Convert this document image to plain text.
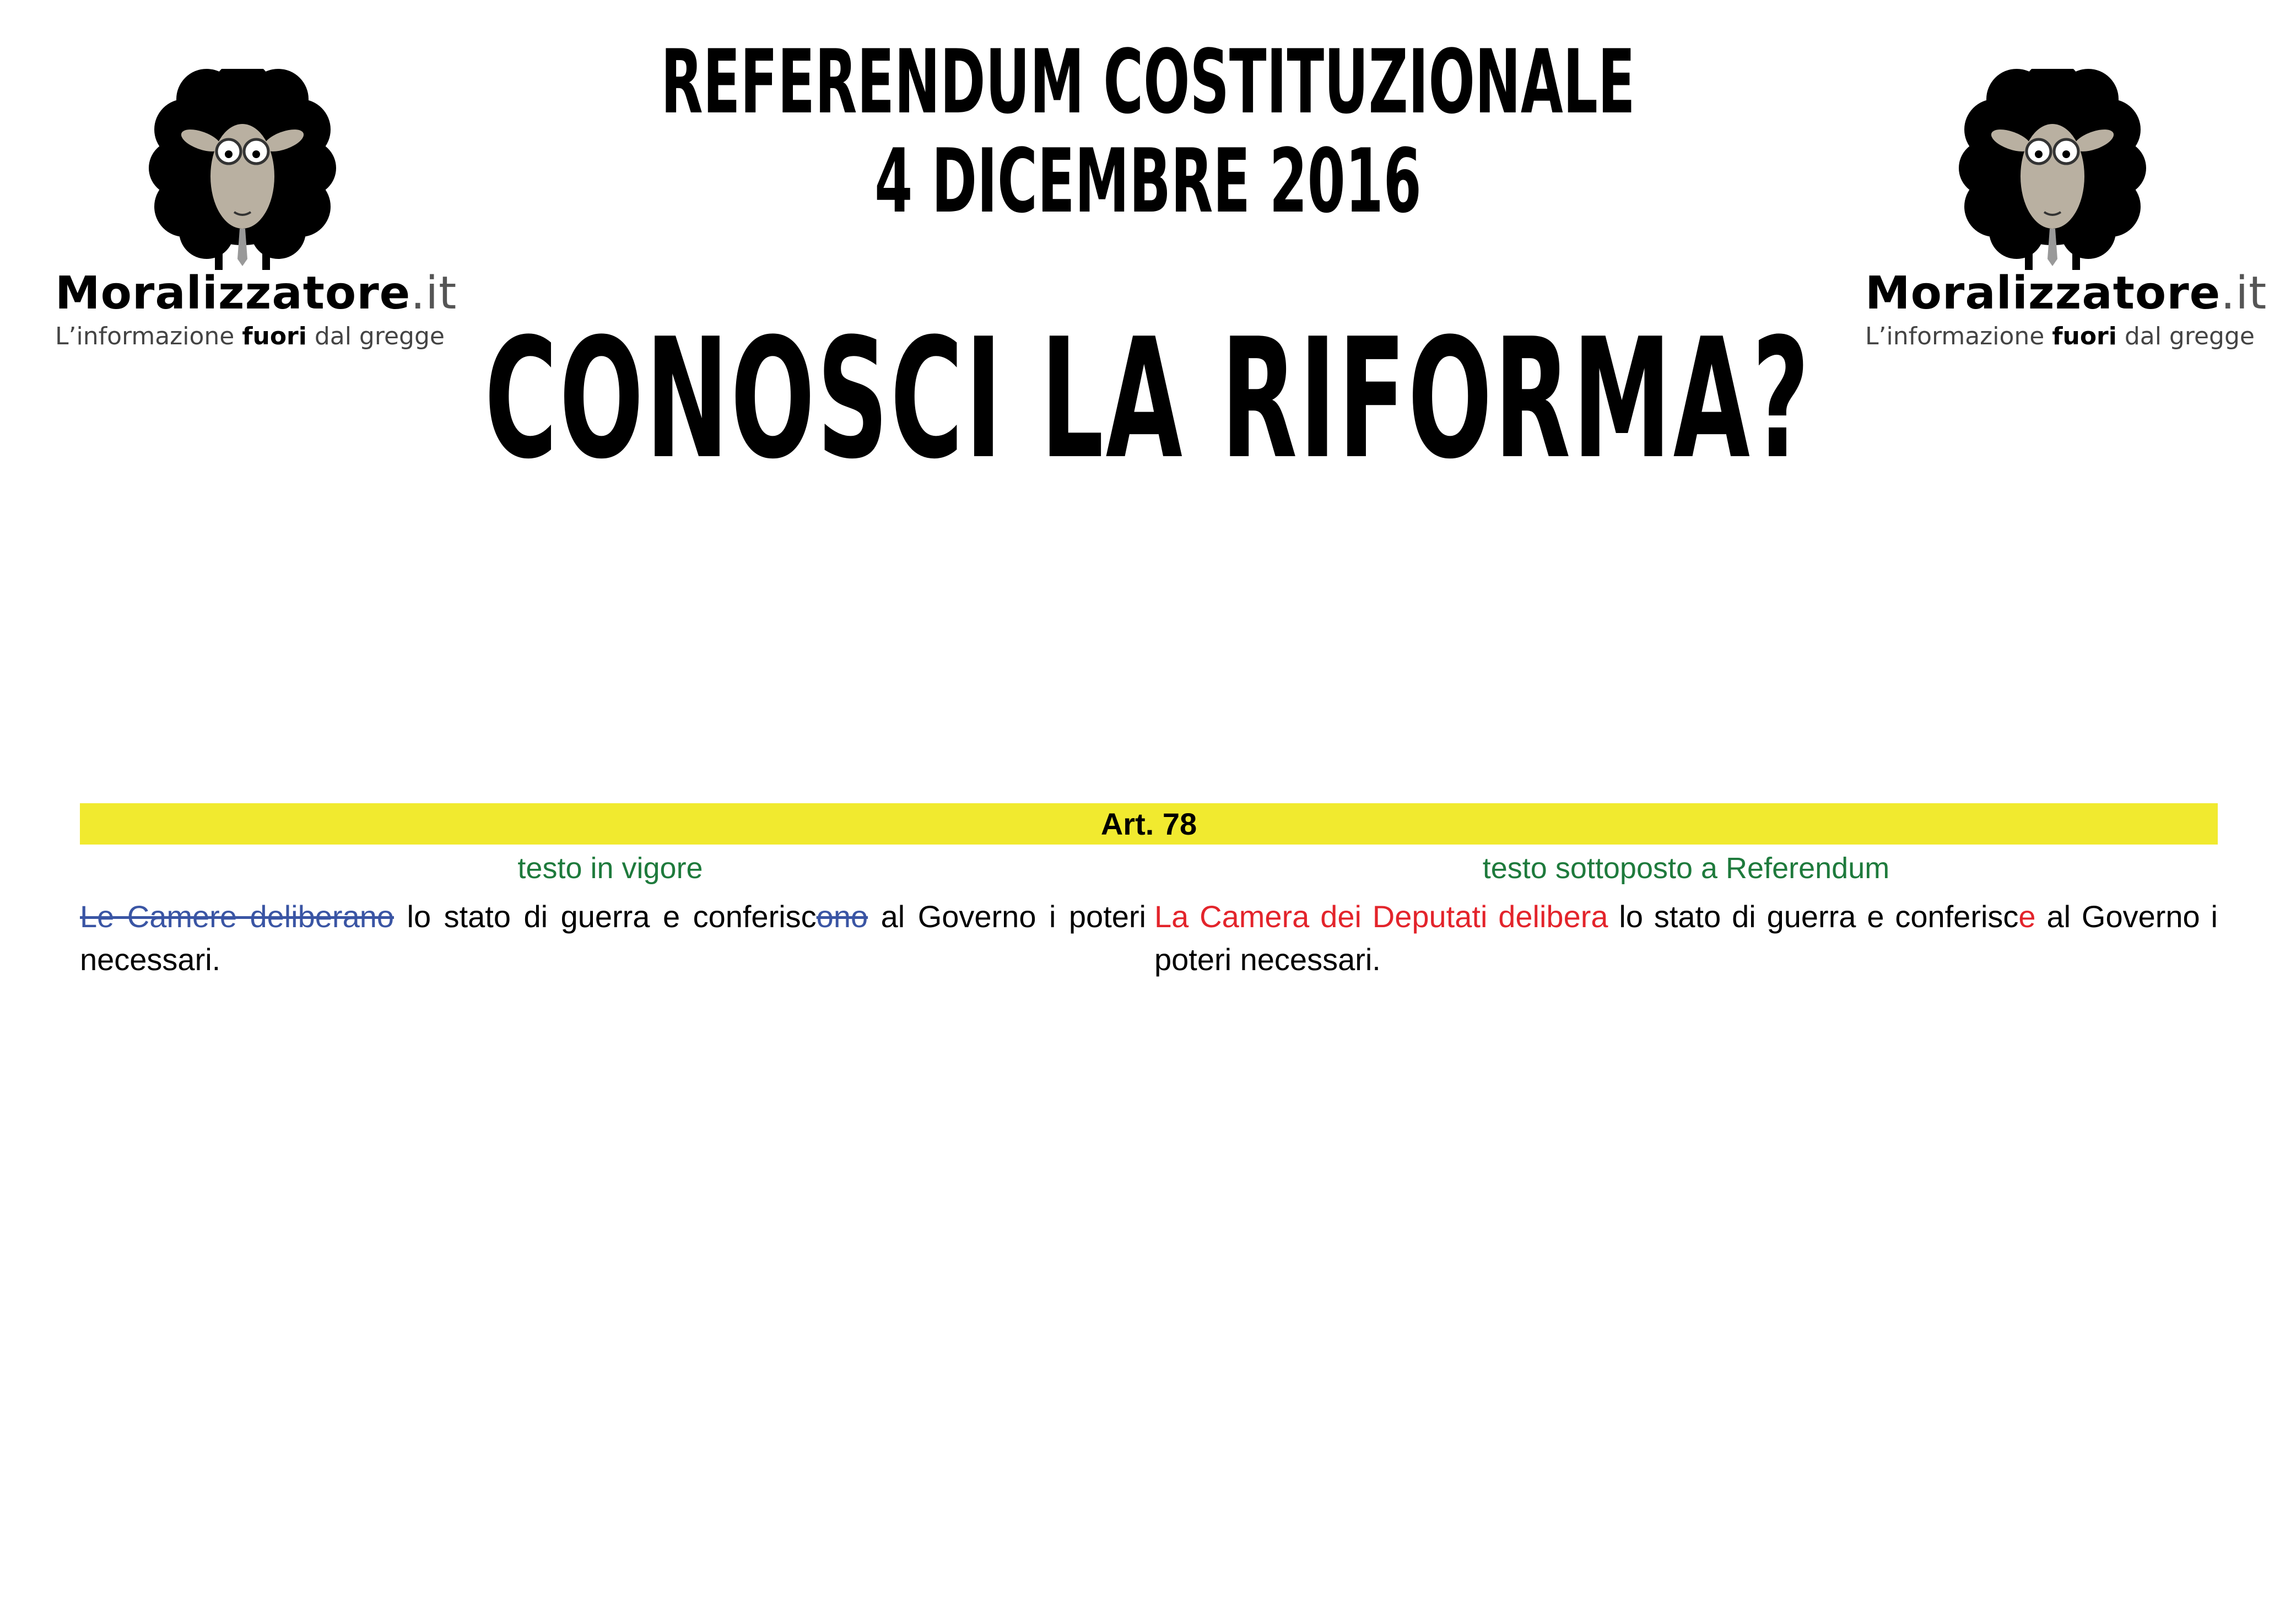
Moralizzatore.it
L’informazione fuori dal gregge
Moralizzatore.it
L’informazione fuori dal gregge
REFERENDUM COSTITUZIONALE
4 DICEMBRE 2016
CONOSCI LA RIFORMA?
Art. 78
testo in vigore	testo sottoposto a Referendum
Le Camere deliberano lo stato di guerra e conferiscono al Governo i poteri necessari.
La Camera dei Deputati delibera lo stato di guerra e conferisce al Governo i poteri necessari.
